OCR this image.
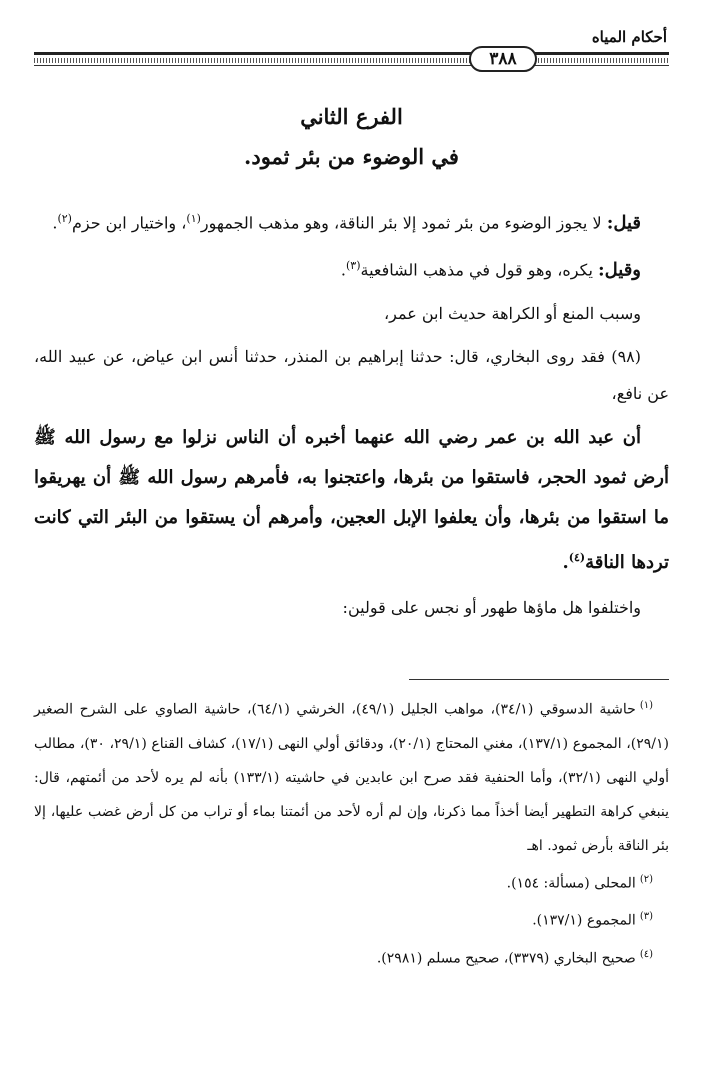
أحكام المياه
٣٨٨
الفرع الثاني
في الوضوء من بئر ثمود.

قيل: لا يجوز الوضوء من بئر ثمود إلا بئر الناقة، وهو مذهب الجمهور$^{(١)}$، واختيار ابن حزم$^{(٢)}$.

وقيل: يكره، وهو قول في مذهب الشافعية$^{(٣)}$.

وسبب المنع أو الكراهة حديث ابن عمر،

(٩٨) فقد روى البخاري، قال: حدثنا إبراهيم بن المنذر، حدثنا أنس ابن عياض، عن عبيد الله، عن نافع،

أن عبد الله بن عمر رضي الله عنهما أخبره أن الناس نزلوا مع رسول الله ﷺ أرض ثمود الحجر، فاستقوا من بئرها، واعتجنوا به، فأمرهم رسول الله ﷺ أن يهريقوا ما استقوا من بئرها، وأن يعلفوا الإبل العجين، وأمرهم أن يستقوا من البئر التي كانت تردها الناقة$^{(٤)}$.

واختلفوا هل ماؤها طهور أو نجس على قولين:

$^{(١)}$حاشية الدسوقي (٣٤/١)، مواهب الجليل (٤٩/١)، الخرشي (٦٤/١)، حاشية الصاوي على الشرح الصغير (٢٩/١)، المجموع (١٣٧/١)، مغني المحتاج (٢٠/١)، ودقائق أولي النهى (١٧/١)، كشاف القناع (٢٩/١، ٣٠)، مطالب أولي النهى (٣٢/١)، وأما الحنفية فقد صرح ابن عابدين في حاشيته (١٣٣/١) بأنه لم يره لأحد من أئمتهم، قال: ينبغي كراهة التطهير أيضا أخذاً مما ذكرنا، وإن لم أره لأحد من أئمتنا بماء أو تراب من كل أرض غضب عليها، إلا بئر الناقة بأرض ثمود. اهـ

$^{(٢)}$المحلى (مسألة: ١٥٤).

$^{(٣)}$المجموع (١٣٧/١).

$^{(٤)}$صحيح البخاري (٣٣٧٩)، صحيح مسلم (٢٩٨١).
